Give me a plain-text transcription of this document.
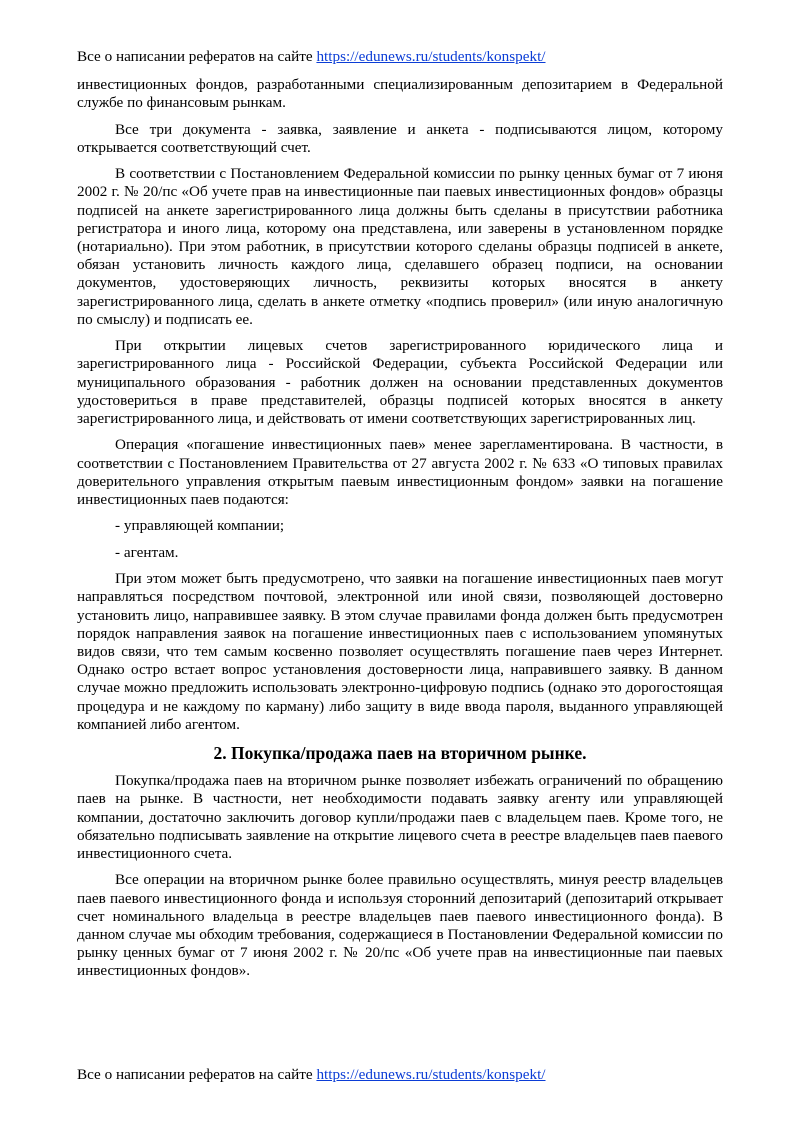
Все о написании рефератов на сайте https://edunews.ru/students/konspekt/

инвестиционных фондов, разработанными специализированным депозитарием в Федеральной службе по финансовым рынкам.

Все три документа - заявка, заявление и анкета - подписываются лицом, которому открывается соответствующий счет.

В соответствии с Постановлением Федеральной комиссии по рынку ценных бумаг от 7 июня 2002 г. № 20/пс «Об учете прав на инвестиционные паи паевых инвестиционных фондов» образцы подписей на анкете зарегистрированного лица должны быть сделаны в присутствии работника регистратора и иного лица, которому она представлена, или заверены в установленном порядке (нотариально). При этом работник, в присутствии которого сделаны образцы подписей в анкете, обязан установить личность каждого лица, сделавшего образец подписи, на основании документов, удостоверяющих личность, реквизиты которых вносятся в анкету зарегистрированного лица, сделать в анкете отметку «подпись проверил» (или иную аналогичную по смыслу) и подписать ее.

При открытии лицевых счетов зарегистрированного юридического лица и зарегистрированного лица - Российской Федерации, субъекта Российской Федерации или муниципального образования - работник должен на основании представленных документов удостовериться в праве представителей, образцы подписей которых вносятся в анкету зарегистрированного лица, и действовать от имени соответствующих зарегистрированных лиц.

Операция «погашение инвестиционных паев» менее зарегламентирована. В частности, в соответствии с Постановлением Правительства от 27 августа 2002 г. № 633 «О типовых правилах доверительного управления открытым паевым инвестиционным фондом» заявки на погашение инвестиционных паев подаются:

- управляющей компании;

- агентам.

При этом может быть предусмотрено, что заявки на погашение инвестиционных паев могут направляться посредством почтовой, электронной или иной связи, позволяющей достоверно установить лицо, направившее заявку. В этом случае правилами фонда должен быть предусмотрен порядок направления заявок на погашение инвестиционных паев с использованием упомянутых видов связи, что тем самым косвенно позволяет осуществлять погашение паев через Интернет. Однако остро встает вопрос установления достоверности лица, направившего заявку. В данном случае можно предложить использовать электронно-цифровую подпись (однако это дорогостоящая процедура и не каждому по карману) либо защиту в виде ввода пароля, выданного управляющей компанией либо агентом.

2. Покупка/продажа паев на вторичном рынке.

Покупка/продажа паев на вторичном рынке позволяет избежать ограничений по обращению паев на рынке. В частности, нет необходимости подавать заявку агенту или управляющей компании, достаточно заключить договор купли/продажи паев с владельцем паев. Кроме того, не обязательно подписывать заявление на открытие лицевого счета в реестре владельцев паев паевого инвестиционного счета.

Все операции на вторичном рынке более правильно осуществлять, минуя реестр владельцев паев паевого инвестиционного фонда и используя сторонний депозитарий (депозитарий открывает счет номинального владельца в реестре владельцев паев паевого инвестиционного фонда). В данном случае мы обходим требования, содержащиеся в Постановлении Федеральной комиссии по рынку ценных бумаг от 7 июня 2002 г. № 20/пс «Об учете прав на инвестиционные паи паевых инвестиционных фондов».

Все о написании рефератов на сайте https://edunews.ru/students/konspekt/
